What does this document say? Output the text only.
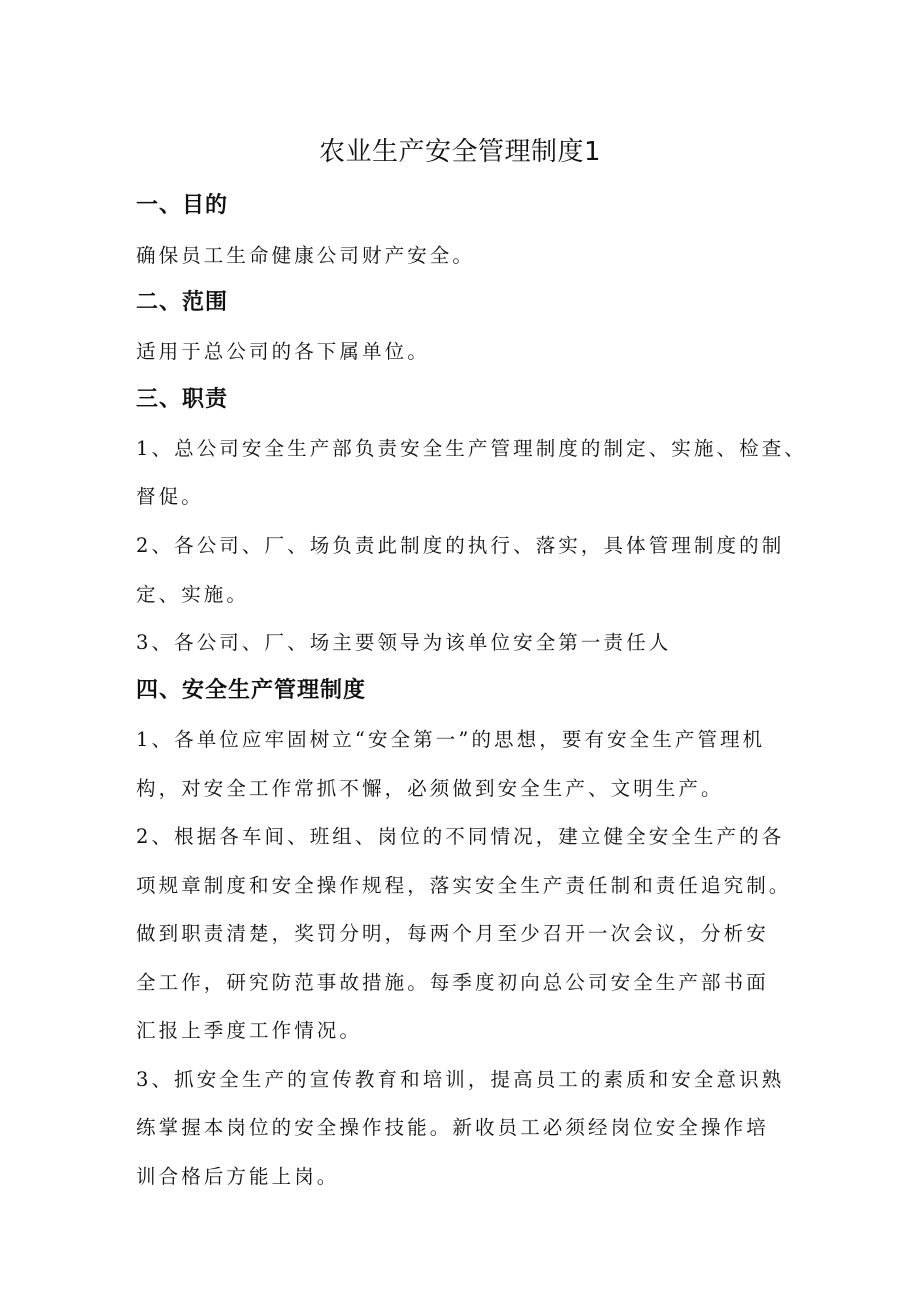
农业生产安全管理制度1

一、目的

确保员工生命健康公司财产安全。

二、范围

适用于总公司的各下属单位。

三、职责

1、总公司安全生产部负责安全生产管理制度的制定、实施、检查、

督促。

2、各公司、厂、场负责此制度的执行、落实，具体管理制度的制

定、实施。

3、各公司、厂、场主要领导为该单位安全第一责任人

四、安全生产管理制度

1、各单位应牢固树立“安全第一”的思想，要有安全生产管理机

构，对安全工作常抓不懈，必须做到安全生产、文明生产。

2、根据各车间、班组、岗位的不同情况，建立健全安全生产的各

项规章制度和安全操作规程，落实安全生产责任制和责任追究制。

做到职责清楚，奖罚分明，每两个月至少召开一次会议，分析安

全工作，研究防范事故措施。每季度初向总公司安全生产部书面

汇报上季度工作情况。

3、抓安全生产的宣传教育和培训，提高员工的素质和安全意识熟

练掌握本岗位的安全操作技能。新收员工必须经岗位安全操作培

训合格后方能上岗。
